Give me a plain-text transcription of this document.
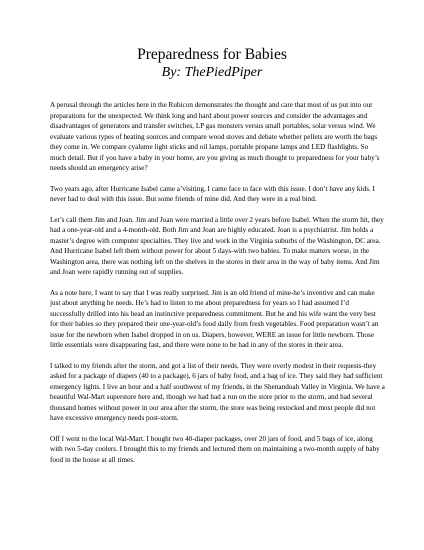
Preparedness for Babies

By: ThePiedPiper

A perusal through the articles here in the Rubicon demonstrates the thought and care that most of us put into our preparations for the unexpected. We think long and hard about power sources and consider the advantages and disadvantages of generators and transfer switches, LP gas monsters versus small portables, solar versus wind. We evaluate various types of heating sources and compare wood stoves and debate whether pellets are worth the bags they come in. We compare cyalume light sticks and oil lamps, portable propane lamps and LED flashlights. So much detail. But if you have a baby in your home, are you giving as much thought to preparedness for your baby’s needs should an emergency arise?

Two years ago, after Hurricane Isabel came a’visiting, I came face to face with this issue. I don’t have any kids. I never had to deal with this issue. But some friends of mine did. And they were in a real bind.

Let’s call them Jim and Joan. Jim and Joan were married a little over 2 years before Isabel. When the storm hit, they had a one-year-old and a 4-month-old. Both Jim and Joan are highly educated. Joan is a psychiatrist. Jim holds a master’s degree with computer specialties. They live and work in the Virginia suburbs of the Washington, DC area. And Hurricane Isabel left them without power for about 5 days-with two babies. To make matters worse, in the Washington area, there was nothing left on the shelves in the stores in their area in the way of baby items. And Jim and Joan were rapidly running out of supplies.

As a note here, I want to say that I was really surprised. Jim is an old friend of mine-he’s inventive and can make just about anything he needs. He’s had to listen to me about preparedness for years so I had assumed I’d successfully drilled into his head an instinctive preparedness commitment. But he and his wife want the very best for their babies so they prepared their one-year-old’s food daily from fresh vegetables. Food preparation wasn’t an issue for the newborn when Isabel dropped in on us. Diapers, however, WERE an issue for little newborn. Those little essentials were disappearing fast, and there were none to be had in any of the stores in their area.

I talked to my friends after the storm, and got a list of their needs. They were overly modest in their requests-they asked for a package of diapers (40 to a package), 6 jars of baby food, and a bag of ice. They said they had sufficient emergency lights. I live an hour and a half southwest of my friends, in the Shenandoah Valley in Virginia. We have a beautiful Wal-Mart superstore here and, though we had had a run on the store prior to the storm, and had several thousand homes without power in our area after the storm, the store was being restocked and most people did not have excessive emergency needs post-storm.

Off I went to the local Wal-Mart. I bought two 40-diaper packages, over 20 jars of food, and 5 bags of ice, along with two 5-day coolers. I brought this to my friends and lectured them on maintaining a two-month supply of baby food in the house at all times.
